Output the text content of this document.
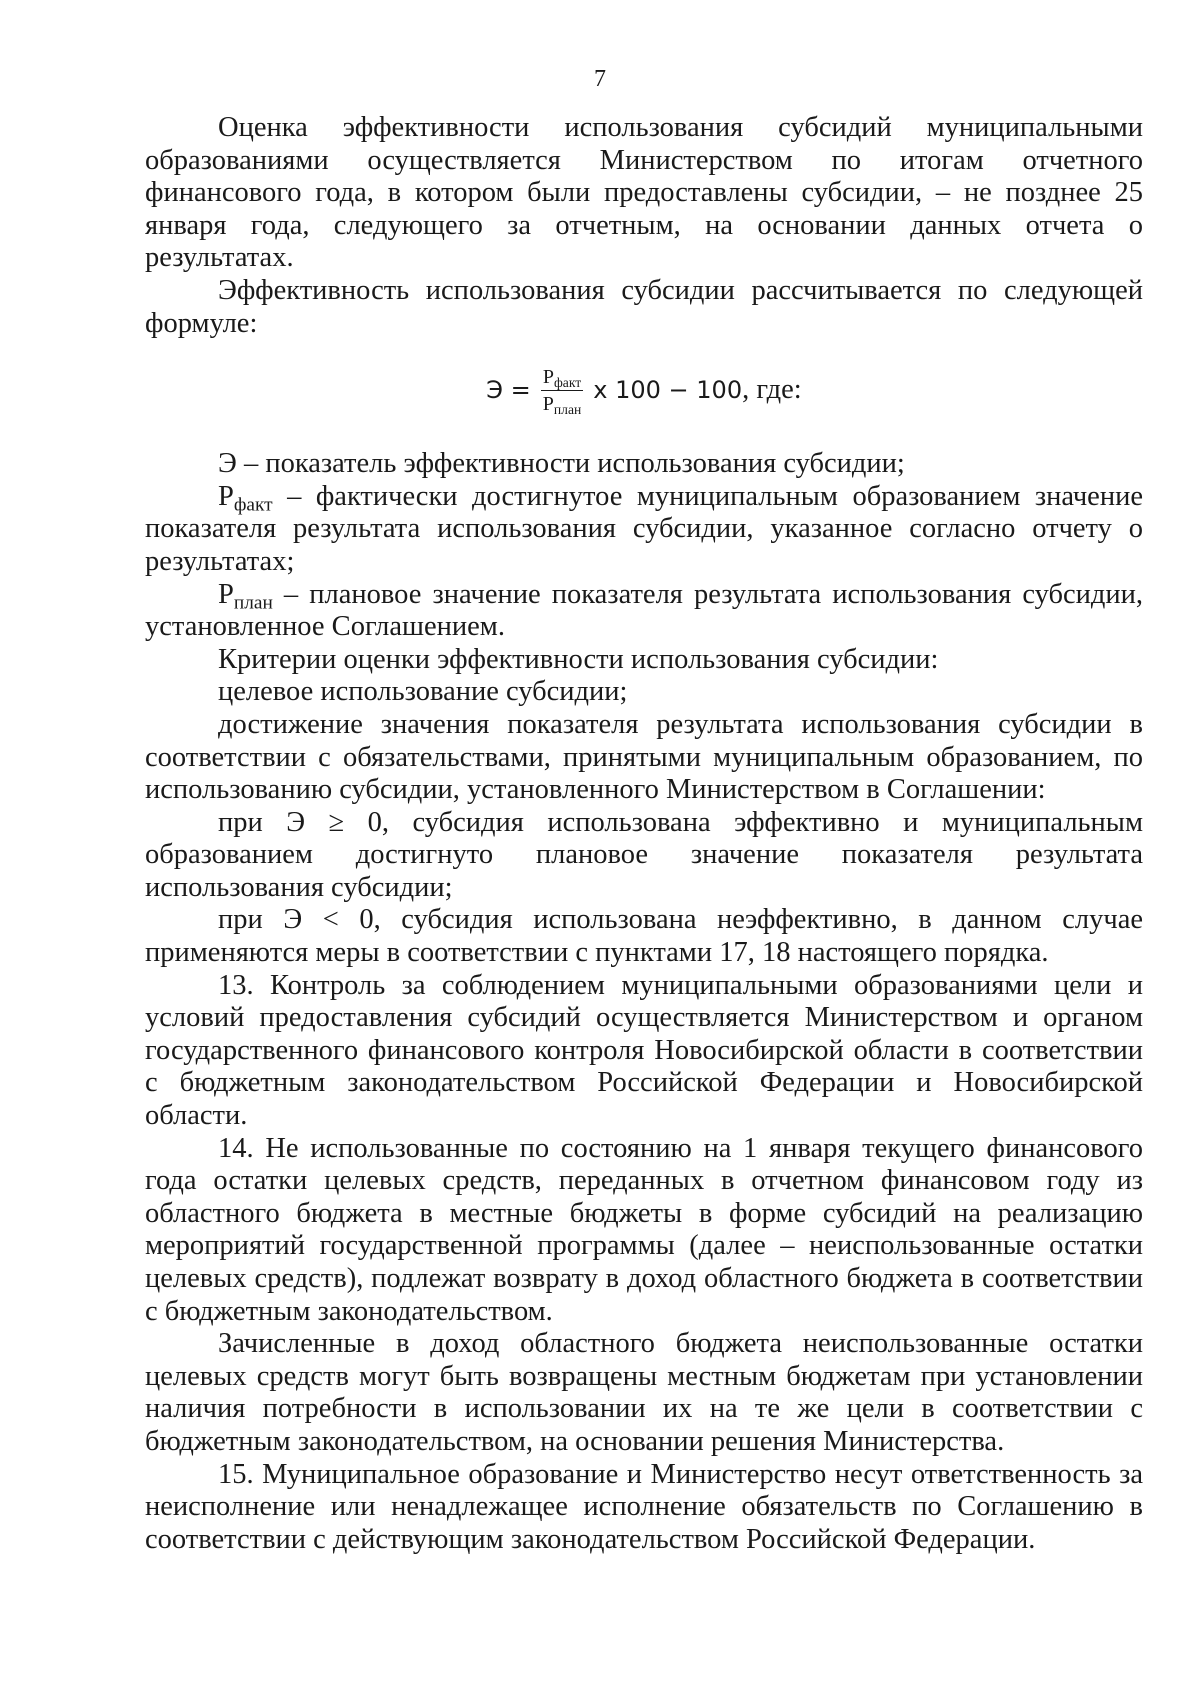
7

Оценка эффективности использования субсидий муниципальными образованиями осуществляется Министерством по итогам отчетного финансового года, в котором были предоставлены субсидии, – не позднее 25 января года, следующего за отчетным, на основании данных отчета о результатах.

Эффективность использования субсидии рассчитывается по следующей формуле:

$Э = \frac{Р_{факт}}{Р_{план}}$ х 100 − 100 , где:

Э – показатель эффективности использования субсидии;

$Р_{факт}$ – фактически достигнутое муниципальным образованием значение показателя результата использования субсидии, указанное согласно отчету о результатах;

$Р_{план}$ – плановое значение показателя результата использования субсидии, установленное Соглашением.

Критерии оценки эффективности использования субсидии:

целевое использование субсидии;

достижение значения показателя результата использования субсидии в соответствии с обязательствами, принятыми муниципальным образованием, по использованию субсидии, установленного Министерством в Соглашении:

при Э ≥ 0, субсидия использована эффективно и муниципальным образованием достигнуто плановое значение показателя результата использования субсидии;

при Э < 0, субсидия использована неэффективно, в данном случае применяются меры в соответствии с пунктами 17, 18 настоящего порядка.

13. Контроль за соблюдением муниципальными образованиями цели и условий предоставления субсидий осуществляется Министерством и органом государственного финансового контроля Новосибирской области в соответствии с бюджетным законодательством Российской Федерации и Новосибирской области.

14. Не использованные по состоянию на 1 января текущего финансового года остатки целевых средств, переданных в отчетном финансовом году из областного бюджета в местные бюджеты в форме субсидий на реализацию мероприятий государственной программы (далее – неиспользованные остатки целевых средств), подлежат возврату в доход областного бюджета в соответствии с бюджетным законодательством.

Зачисленные в доход областного бюджета неиспользованные остатки целевых средств могут быть возвращены местным бюджетам при установлении наличия потребности в использовании их на те же цели в соответствии с бюджетным законодательством, на основании решения Министерства.

15. Муниципальное образование и Министерство несут ответственность за неисполнение или ненадлежащее исполнение обязательств по Соглашению в соответствии с действующим законодательством Российской Федерации.
